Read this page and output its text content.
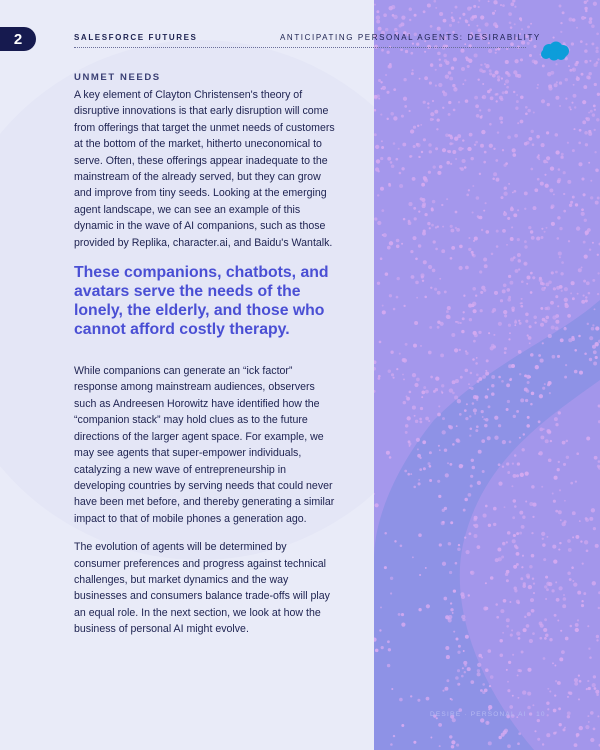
2	SALESFORCE FUTURES	ANTICIPATING PERSONAL AGENTS: DESIRABILITY
UNMET NEEDS

A key element of Clayton Christensen's theory of disruptive innovations is that early disruption will come from offerings that target the unmet needs of customers at the bottom of the market, hitherto uneconomical to serve. Often, these offerings appear inadequate to the mainstream of the already served, but they can grow and improve from tiny seeds. Looking at the emerging agent landscape, we can see an example of this dynamic in the wave of AI companions, such as those provided by Replika, character.ai, and Baidu's Wantalk.

These companions, chatbots, and avatars serve the needs of the lonely, the elderly, and those who cannot afford costly therapy.

While companions can generate an “ick factor” response among mainstream audiences, observers such as Andreesen Horowitz have identified how the “companion stack” may hold clues as to the future directions of the larger agent space. For example, we may see agents that super-empower individuals, catalyzing a new wave of entrepreneurship in developing countries by serving needs that could never have been met before, and thereby generating a similar impact to that of mobile phones a generation ago.

The evolution of agents will be determined by consumer preferences and progress against technical challenges, but market dynamics and the way businesses and consumers balance trade-offs will play an equal role. In the next section, we look at how the business of personal AI might evolve.

DESIRE · PERSONAL AI · 10
